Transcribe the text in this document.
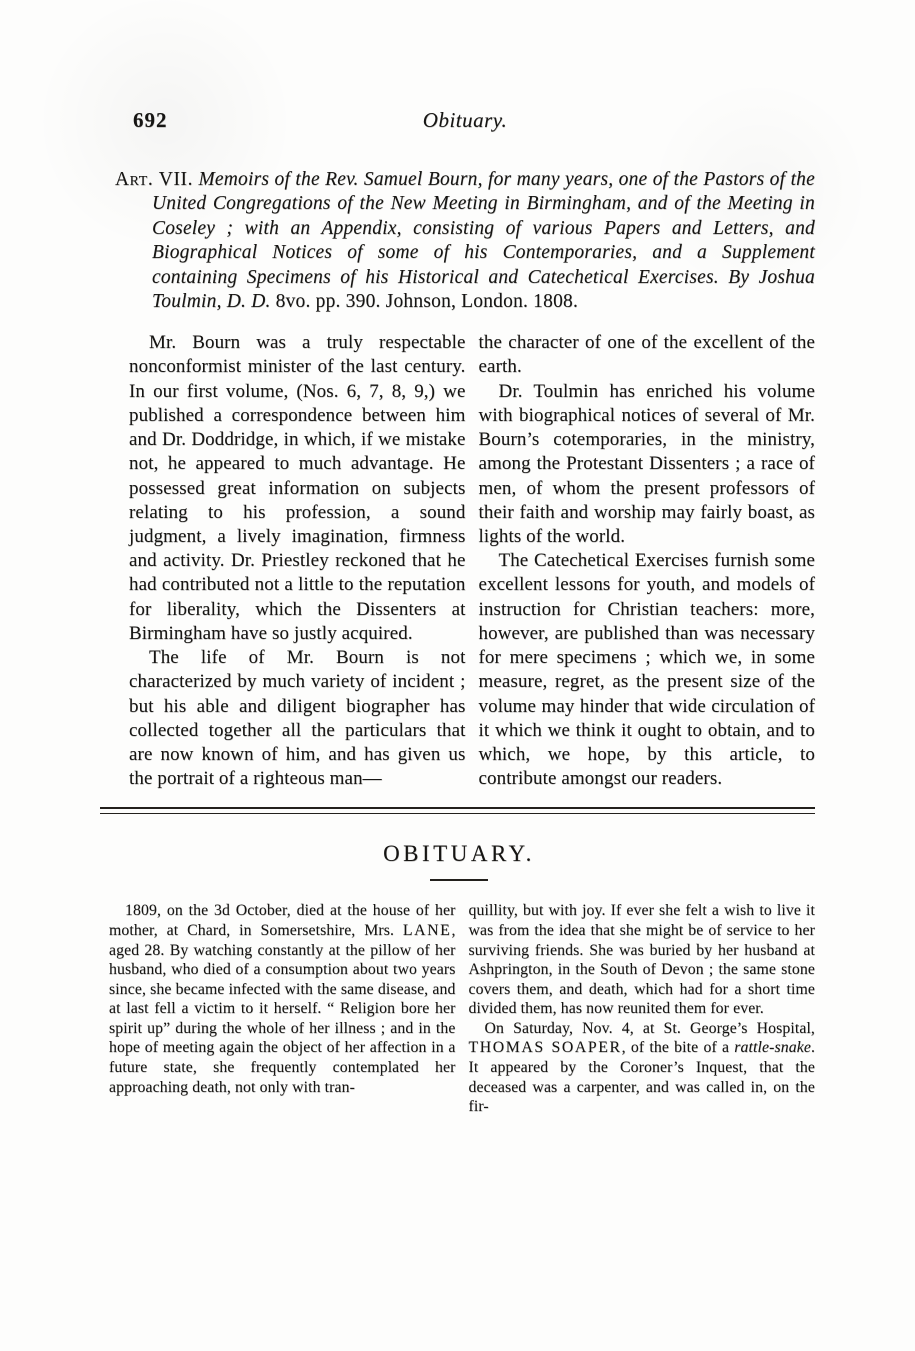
692	Obituary.

Art. VII. Memoirs of the Rev. Samuel Bourn, for many years, one of the Pastors of the United Congregations of the New Meeting in Birmingham, and of the Meeting in Coseley ; with an Appendix, consisting of various Papers and Letters, and Biographical Notices of some of his Contemporaries, and a Supplement containing Specimens of his Historical and Catechetical Exercises. By Joshua Toulmin, D. D. 8vo. pp. 390. Johnson, London. 1808.

Mr. Bourn was a truly respectable nonconformist minister of the last century. In our first volume, (Nos. 6, 7, 8, 9,) we published a correspondence between him and Dr. Doddridge, in which, if we mistake not, he appeared to much advantage. He possessed great information on subjects relating to his profession, a sound judgment, a lively imagination, firmness and activity. Dr. Priestley reckoned that he had contributed not a little to the reputation for liberality, which the Dissenters at Birmingham have so justly acquired.

The life of Mr. Bourn is not characterized by much variety of incident ; but his able and diligent biographer has collected together all the particulars that are now known of him, and has given us the portrait of a righteous man—

the character of one of the excellent of the earth.

Dr. Toulmin has enriched his volume with biographical notices of several of Mr. Bourn’s cotemporaries, in the ministry, among the Protestant Dissenters ; a race of men, of whom the present professors of their faith and worship may fairly boast, as lights of the world.

The Catechetical Exercises furnish some excellent lessons for youth, and models of instruction for Christian teachers: more, however, are published than was necessary for mere specimens ; which we, in some measure, regret, as the present size of the volume may hinder that wide circulation of it which we think it ought to obtain, and to which, we hope, by this article, to contribute amongst our readers.

OBITUARY.

1809, on the 3d October, died at the house of her mother, at Chard, in Somersetshire, Mrs. LANE, aged 28. By watching constantly at the pillow of her husband, who died of a consumption about two years since, she became infected with the same disease, and at last fell a victim to it herself. “ Religion bore her spirit up” during the whole of her illness ; and in the hope of meeting again the object of her affection in a future state, she frequently contemplated her approaching death, not only with tran-

quillity, but with joy. If ever she felt a wish to live it was from the idea that she might be of service to her surviving friends. She was buried by her husband at Ashprington, in the South of Devon ; the same stone covers them, and death, which had for a short time divided them, has now reunited them for ever.

On Saturday, Nov. 4, at St. George’s Hospital, THOMAS SOAPER, of the bite of a rattle-snake. It appeared by the Coroner’s Inquest, that the deceased was a carpenter, and was called in, on the fir-
